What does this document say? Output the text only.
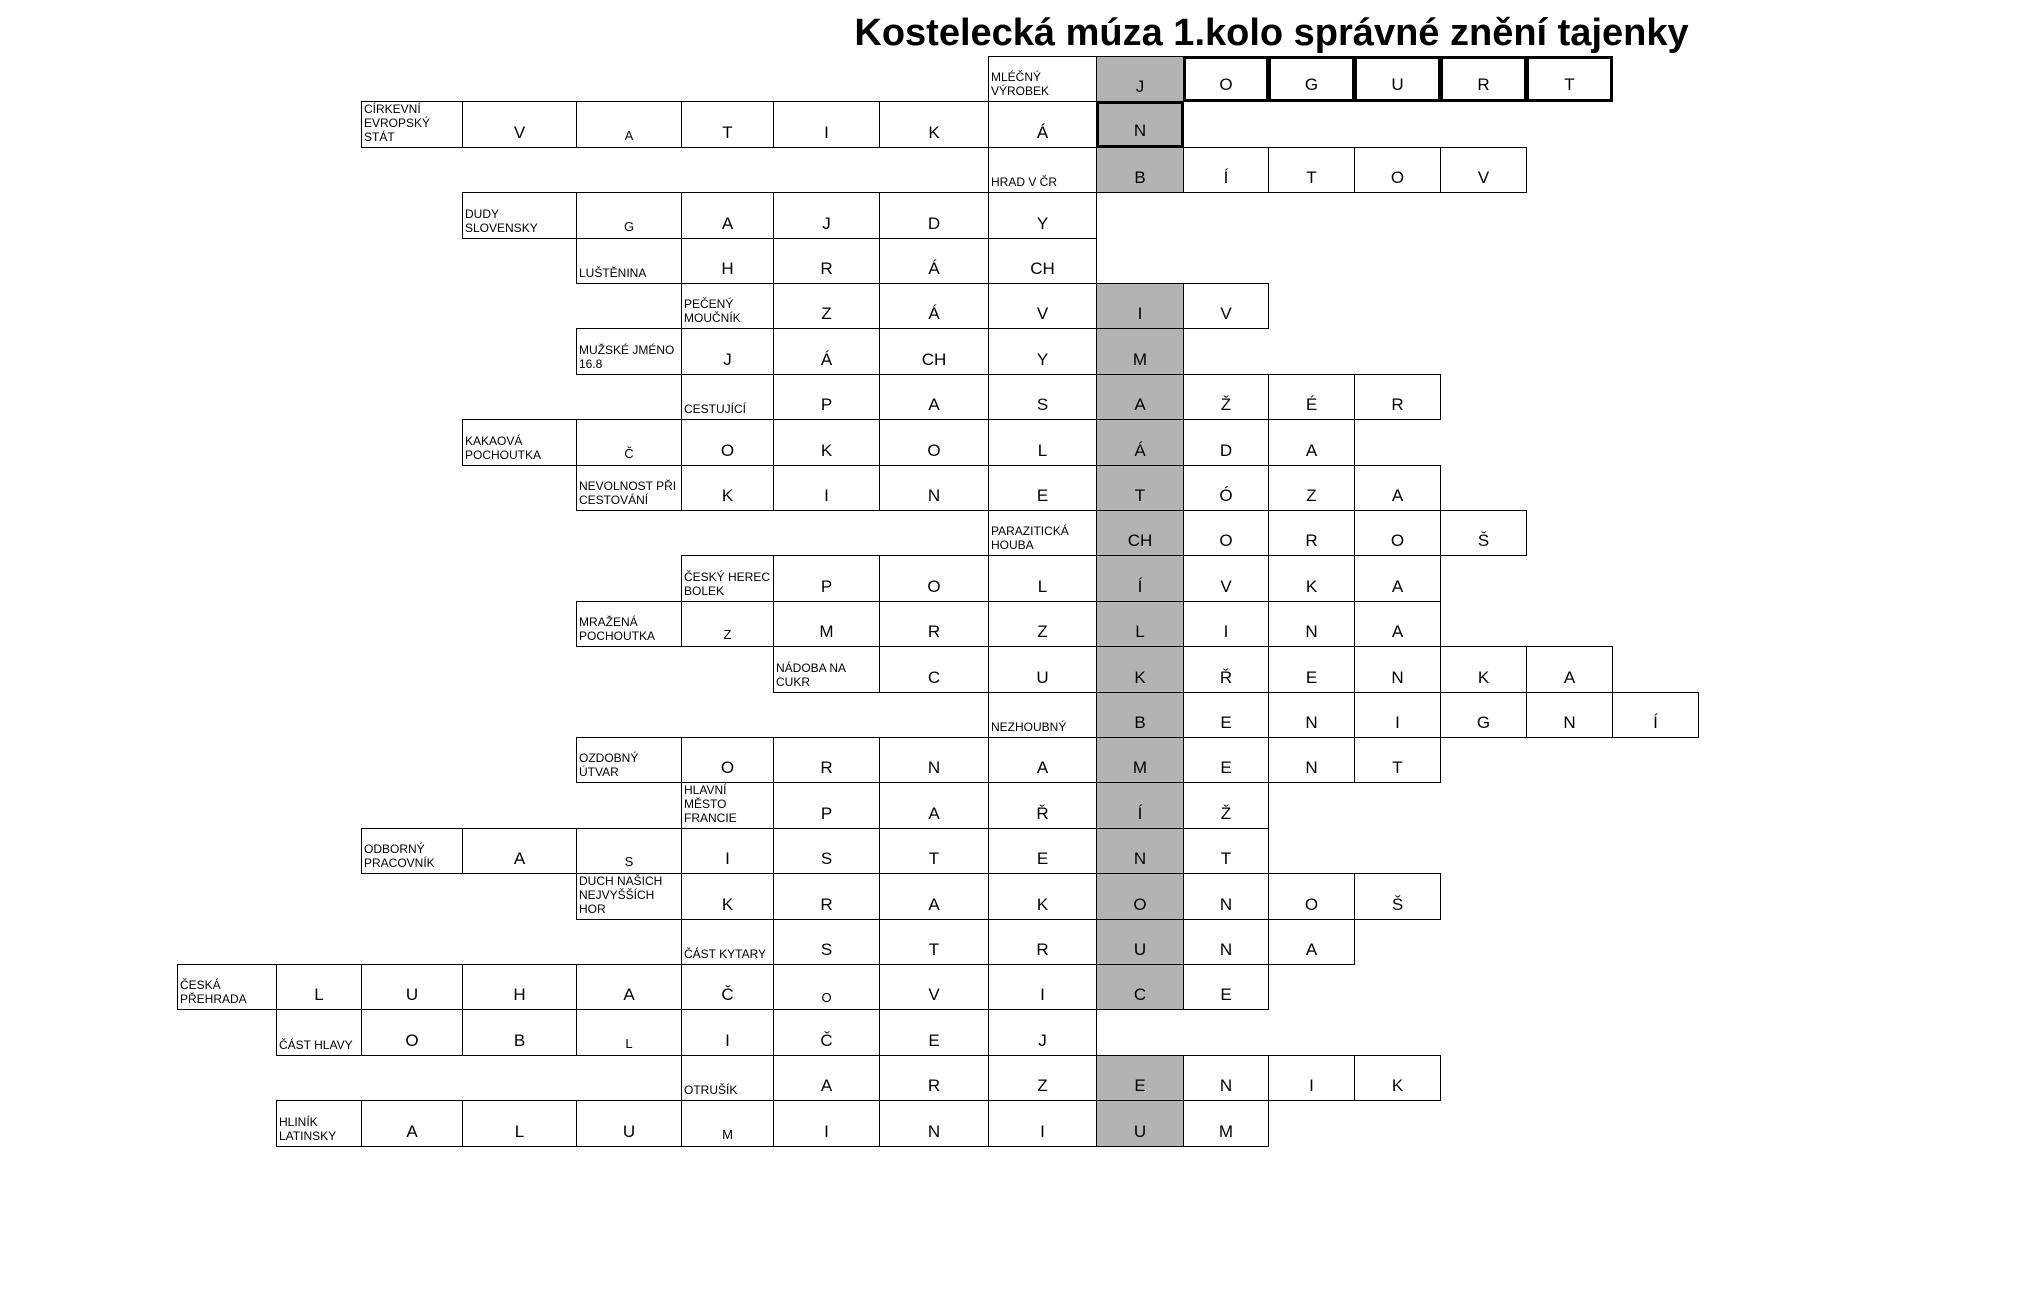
Kostelecká múza 1.kolo správné znění tajenky
MLÉČNÝ VÝROBEK	J	O	G	U	R	T
CÍRKEVNÍ EVROPSKÝ STÁT	V	A	T	I	K	Á	N
HRAD V ČR	B	Í	T	O	V
DUDY SLOVENSKY	G	A	J	D	Y
LUŠTĚNINA	H	R	Á	CH
PEČENÝ MOUČNÍK	Z	Á	V	I	V
MUŽSKÉ JMÉNO 16.8	J	Á	CH	Y	M
CESTUJÍCÍ	P	A	S	A	Ž	É	R
KAKAOVÁ POCHOUTKA	Č	O	K	O	L	Á	D	A
NEVOLNOST PŘI CESTOVÁNÍ	K	I	N	E	T	Ó	Z	A
PARAZITICKÁ HOUBA	CH	O	R	O	Š
ČESKÝ HEREC BOLEK	P	O	L	Í	V	K	A
MRAŽENÁ POCHOUTKA	Z	M	R	Z	L	I	N	A
NÁDOBA NA CUKR	C	U	K	Ř	E	N	K	A
NEZHOUBNÝ	B	E	N	I	G	N	Í
OZDOBNÝ ÚTVAR	O	R	N	A	M	E	N	T
HLAVNÍ MĚSTO FRANCIE	P	A	Ř	Í	Ž
ODBORNÝ PRACOVNÍK	A	S	I	S	T	E	N	T
DUCH NAŠICH NEJVYŠŠÍCH HOR	K	R	A	K	O	N	O	Š
ČÁST KYTARY	S	T	R	U	N	A
ČESKÁ PŘEHRADA	L	U	H	A	Č	O	V	I	C	E
ČÁST HLAVY	O	B	L	I	Č	E	J
OTRUŠÍK	A	R	Z	E	N	I	K
HLINÍK LATINSKY	A	L	U	M	I	N	I	U	M
